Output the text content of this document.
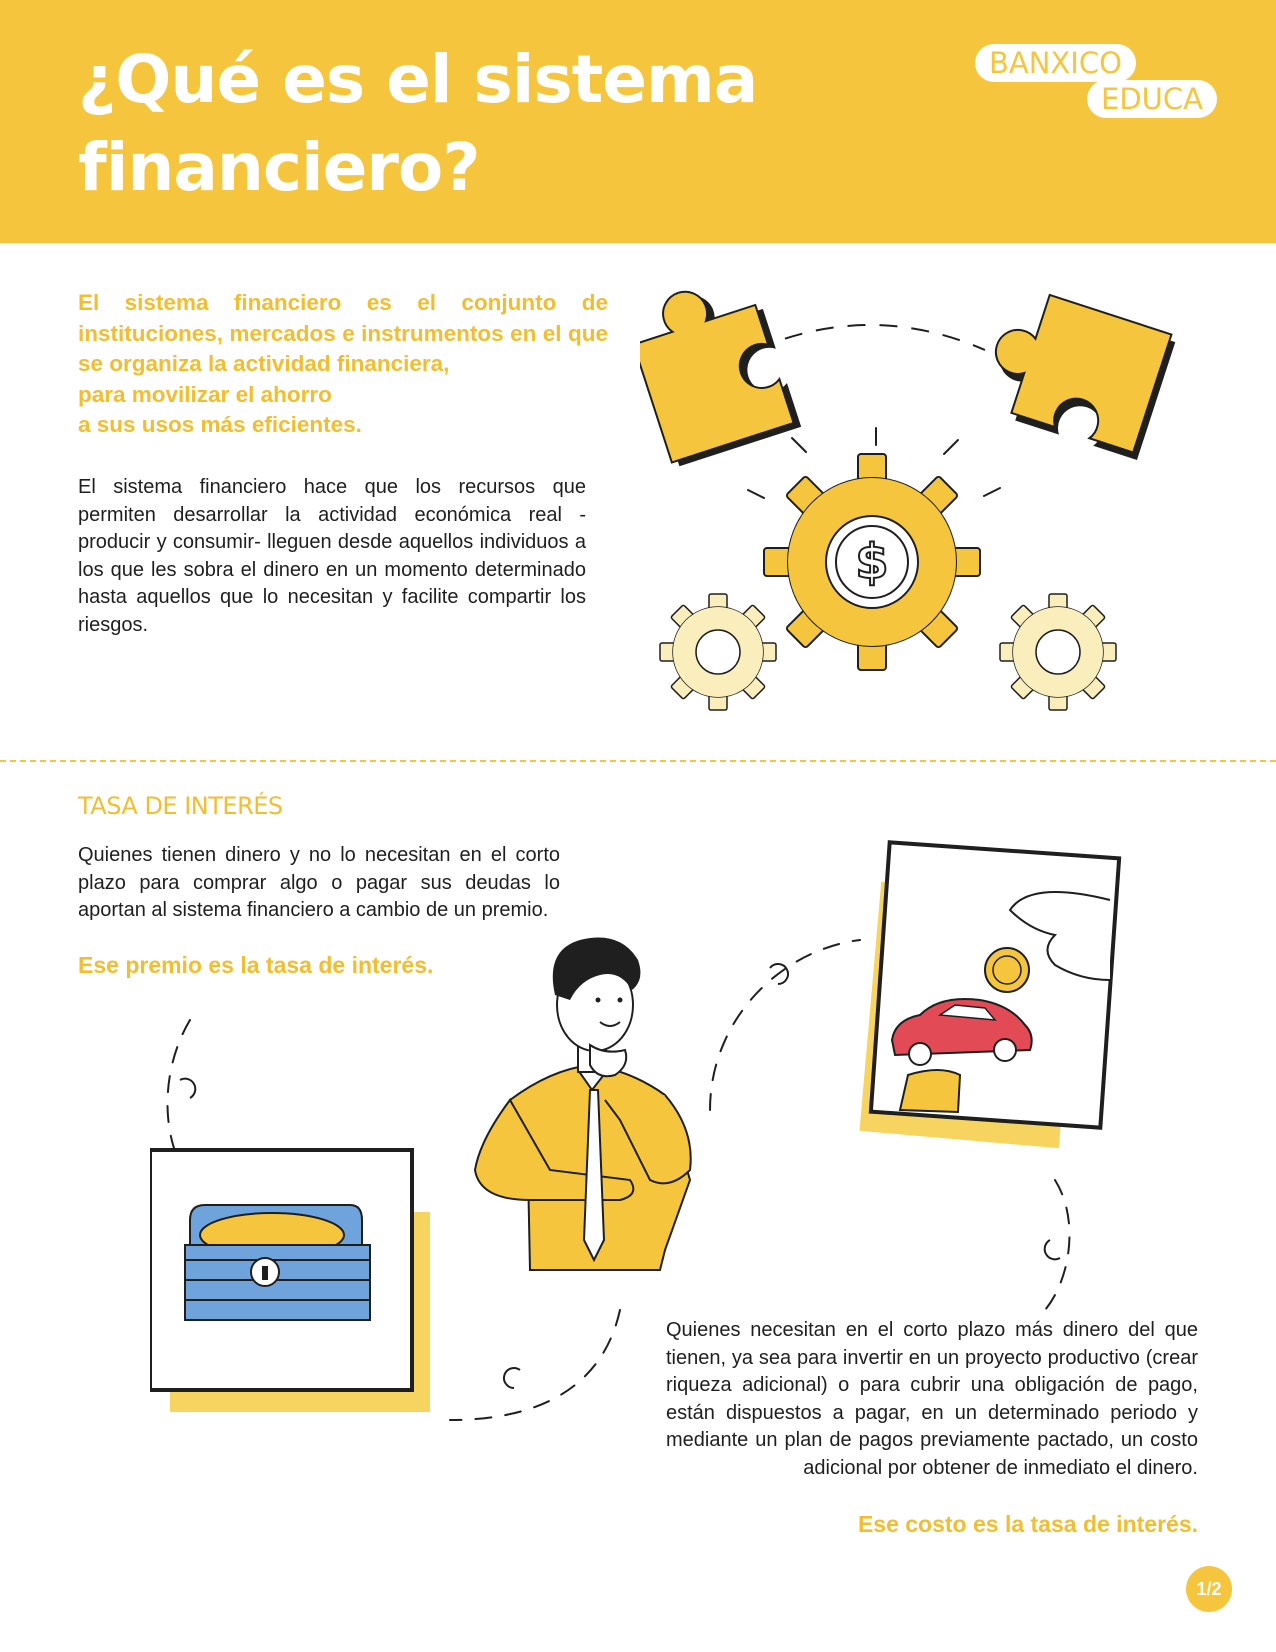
¿Qué es el sistema financiero?
BANXICO
EDUCA

El sistema financiero es el conjunto de instituciones, mercados e instrumentos en el que se organiza la actividad financiera,
para movilizar el ahorro
a sus usos más eficientes.

El sistema financiero hace que los recursos que permiten desarrollar la actividad económica real -producir y consumir- lleguen desde aquellos individuos a los que les sobra el dinero en un momento determinado hasta aquellos que lo necesitan y facilite compartir los riesgos.

$
TASA DE INTERÉS

Quienes tienen dinero y no lo necesitan en el corto plazo para comprar algo o pagar sus deudas lo aportan al sistema financiero a cambio de un premio.

Ese premio es la tasa de interés.

Quienes necesitan en el corto plazo más dinero del que tienen, ya sea para invertir en un proyecto productivo (crear riqueza adicional) o para cubrir una obligación de pago, están dispuestos a pagar, en un determinado periodo y mediante un plan de pagos previamente pactado, un costo adicional por obtener de inmediato el dinero.

Ese costo es la tasa de interés.

1/2
